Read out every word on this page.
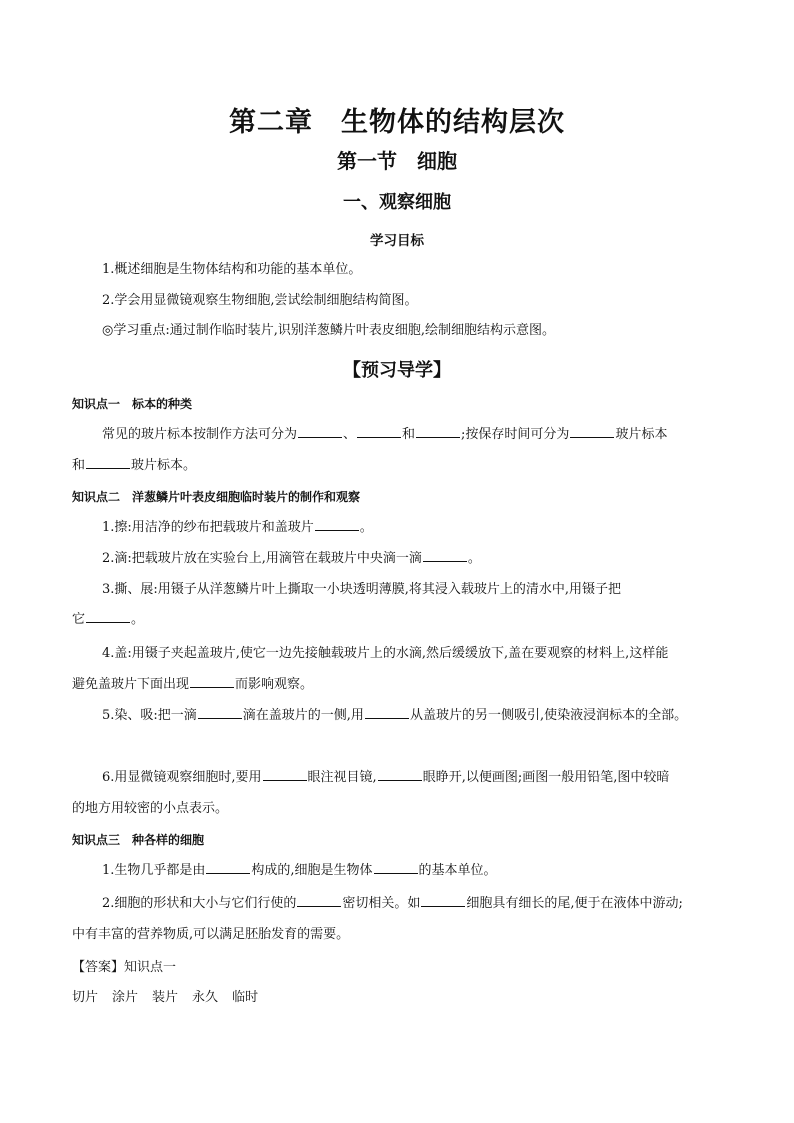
第二章　生物体的结构层次
第一节　细胞
一、观察细胞
学习目标
1.概述细胞是生物体结构和功能的基本单位。
2.学会用显微镜观察生物细胞,尝试绘制细胞结构简图。
◎学习重点:通过制作临时装片,识别洋葱鳞片叶表皮细胞,绘制细胞结构示意图。
【预习导学】
知识点一　标本的种类
常见的玻片标本按制作方法可分为	、	和	;按保存时间可分为	玻片标本
和	玻片标本。
知识点二　洋葱鳞片叶表皮细胞临时装片的制作和观察
1.擦:用洁净的纱布把载玻片和盖玻片	。
2.滴:把载玻片放在实验台上,用滴管在载玻片中央滴一滴	。
3.撕、展:用镊子从洋葱鳞片叶上撕取一小块透明薄膜,将其浸入载玻片上的清水中,用镊子把
它	。
4.盖:用镊子夹起盖玻片,使它一边先接触载玻片上的水滴,然后缓缓放下,盖在要观察的材料上,这样能
避免盖玻片下面出现	而影响观察。
5.染、吸:把一滴	滴在盖玻片的一侧,用	从盖玻片的另一侧吸引,使染液浸润标本的全部。
6.用显微镜观察细胞时,要用	眼注视目镜,	眼睁开,以便画图;画图一般用铅笔,图中较暗
的地方用较密的小点表示。
知识点三　种各样的细胞
1.生物几乎都是由	构成的,细胞是生物体	的基本单位。
2.细胞的形状和大小与它们行使的	密切相关。如	细胞具有细长的尾,便于在液体中游动;
中有丰富的营养物质,可以满足胚胎发育的需要。
【答案】知识点一
切片 涂片 装片 永久 临时
